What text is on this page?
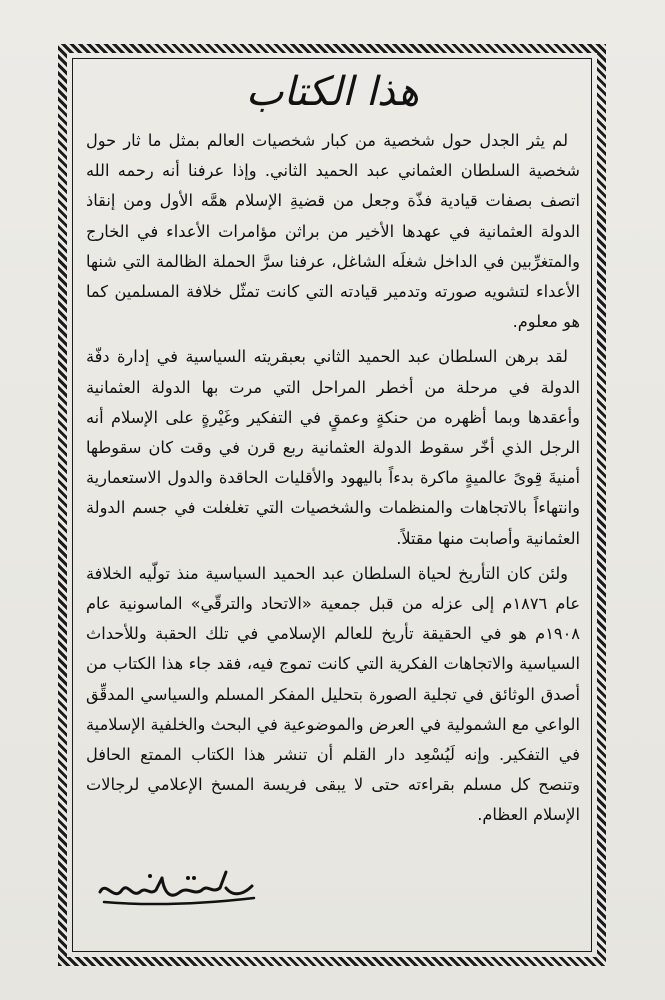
هذا الكتاب

لم يثر الجدل حول شخصية من كبار شخصيات العالم بمثل ما ثار حول شخصية السلطان العثماني عبد الحميد الثاني. وإذا عرفنا أنه رحمه الله اتصف بصفات قيادية فذّة وجعل من قضيةِ الإسلام همَّه الأول ومن إنقاذ الدولة العثمانية في عهدها الأخير من براثن مؤامرات الأعداء في الخارج والمتغرِّبين في الداخل شغلَه الشاغل، عرفنا سرَّ الحملة الظالمة التي شنها الأعداء لتشويه صورته وتدمير قيادته التي كانت تمثّل خلافة المسلمين كما هو معلوم.

لقد برهن السلطان عبد الحميد الثاني بعبقريته السياسية في إدارة دفّة الدولة في مرحلة من أخطر المراحل التي مرت بها الدولة العثمانية وأعقدها وبما أظهره من حنكةٍ وعمقٍ في التفكير وغَيْرةٍ على الإسلام أنه الرجل الذي أخّر سقوط الدولة العثمانية ربع قرن في وقت كان سقوطها أمنيةَ قِوىً عالميةٍ ماكرة بدءاً باليهود والأقليات الحاقدة والدول الاستعمارية وانتهاءاً بالاتجاهات والمنظمات والشخصيات التي تغلغلت في جسم الدولة العثمانية وأصابت منها مقتلاً.

ولئن كان التأريخ لحياة السلطان عبد الحميد السياسية منذ تولّيه الخلافة عام ١٨٧٦م إلى عزله من قبل جمعية «الاتحاد والترقّي» الماسونية عام ١٩٠٨م هو في الحقيقة تأريخ للعالم الإسلامي في تلك الحقبة وللأحداث السياسية والاتجاهات الفكرية التي كانت تموج فيه، فقد جاء هذا الكتاب من أصدق الوثائق في تجلية الصورة بتحليل المفكر المسلم والسياسي المدقِّق الواعي مع الشمولية في العرض والموضوعية في البحث والخلفية الإسلامية في التفكير. وإنه لَيُسْعِد دار القلم أن تنشر هذا الكتاب الممتع الحافل وتنصح كل مسلم بقراءته حتى لا يبقى فريسة المسخ الإعلامي لرجالات الإسلام العظام.
